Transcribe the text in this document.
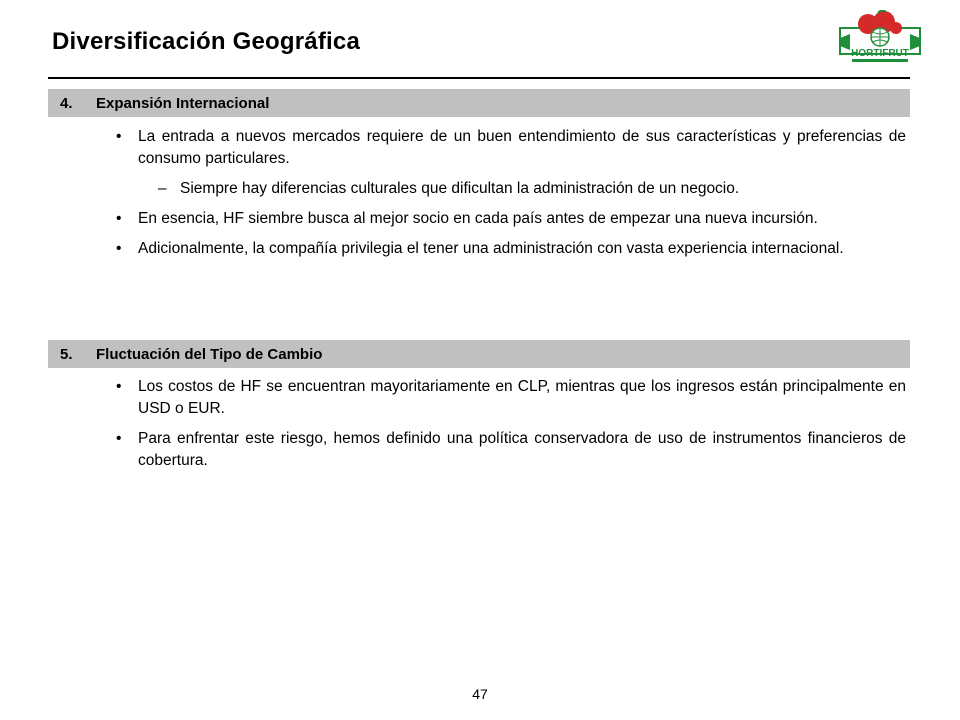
Diversificación Geográfica	HORTIFRUT
4.	Expansión Internacional
• La entrada a nuevos mercados requiere de un buen entendimiento de sus características y preferencias de consumo particulares.
– Siempre hay diferencias culturales que dificultan la administración de un negocio.
• En esencia, HF siembre busca al mejor socio en cada país antes de empezar una nueva incursión.
• Adicionalmente, la compañía privilegia el tener una administración con vasta experiencia internacional.
5.	Fluctuación del Tipo de Cambio
• Los costos de HF se encuentran mayoritariamente en CLP, mientras que los ingresos están principalmente en USD o EUR.
• Para enfrentar este riesgo, hemos definido una política conservadora de uso de instrumentos financieros de cobertura.
47
